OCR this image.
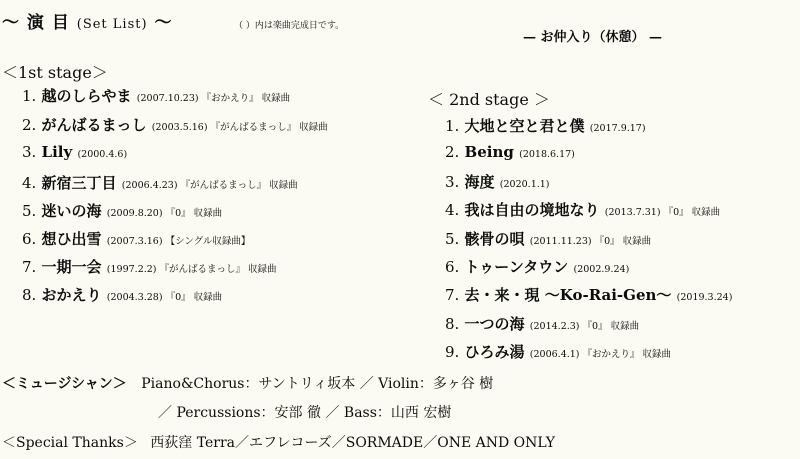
〜 演 目 (Set List) 〜	（ ）内は楽曲完成日です。
— お仲入り（休憩） —
＜1st stage＞
＜ 2nd stage ＞
1. 越のしらやま (2007.10.23) 『おかえり』 収録曲
2. がんばるまっし (2003.5.16) 『がんばるまっし』 収録曲
3. Lily (2000.4.6)
4. 新宿三丁目 (2006.4.23) 『がんばるまっし』 収録曲
5. 迷いの海 (2009.8.20) 『0』 収録曲
6. 想ひ出雪 (2007.3.16) 【シングル収録曲】
7. 一期一会 (1997.2.2) 『がんばるまっし』 収録曲
8. おかえり (2004.3.28) 『0』 収録曲
1. 大地と空と君と僕 (2017.9.17)
2. Being (2018.6.17)
3. 海度 (2020.1.1)
4. 我は自由の境地なり (2013.7.31) 『0』 収録曲
5. 骸骨の唄 (2011.11.23) 『0』 収録曲
6. トゥーンタウン (2002.9.24)
7. 去・来・現 〜Ko-Rai-Gen〜 (2019.3.24)
8. 一つの海 (2014.2.3) 『0』 収録曲
9. ひろみ湯 (2006.4.1) 『おかえり』 収録曲
＜ミュージシャン＞ Piano&Chorus：サントリィ坂本 ／ Violin：多ヶ谷 樹
／ Percussions：安部 徹 ／ Bass：山西 宏樹
＜Special Thanks＞ 西荻窪 Terra／エフレコーズ／SORMADE／ONE AND ONLY
